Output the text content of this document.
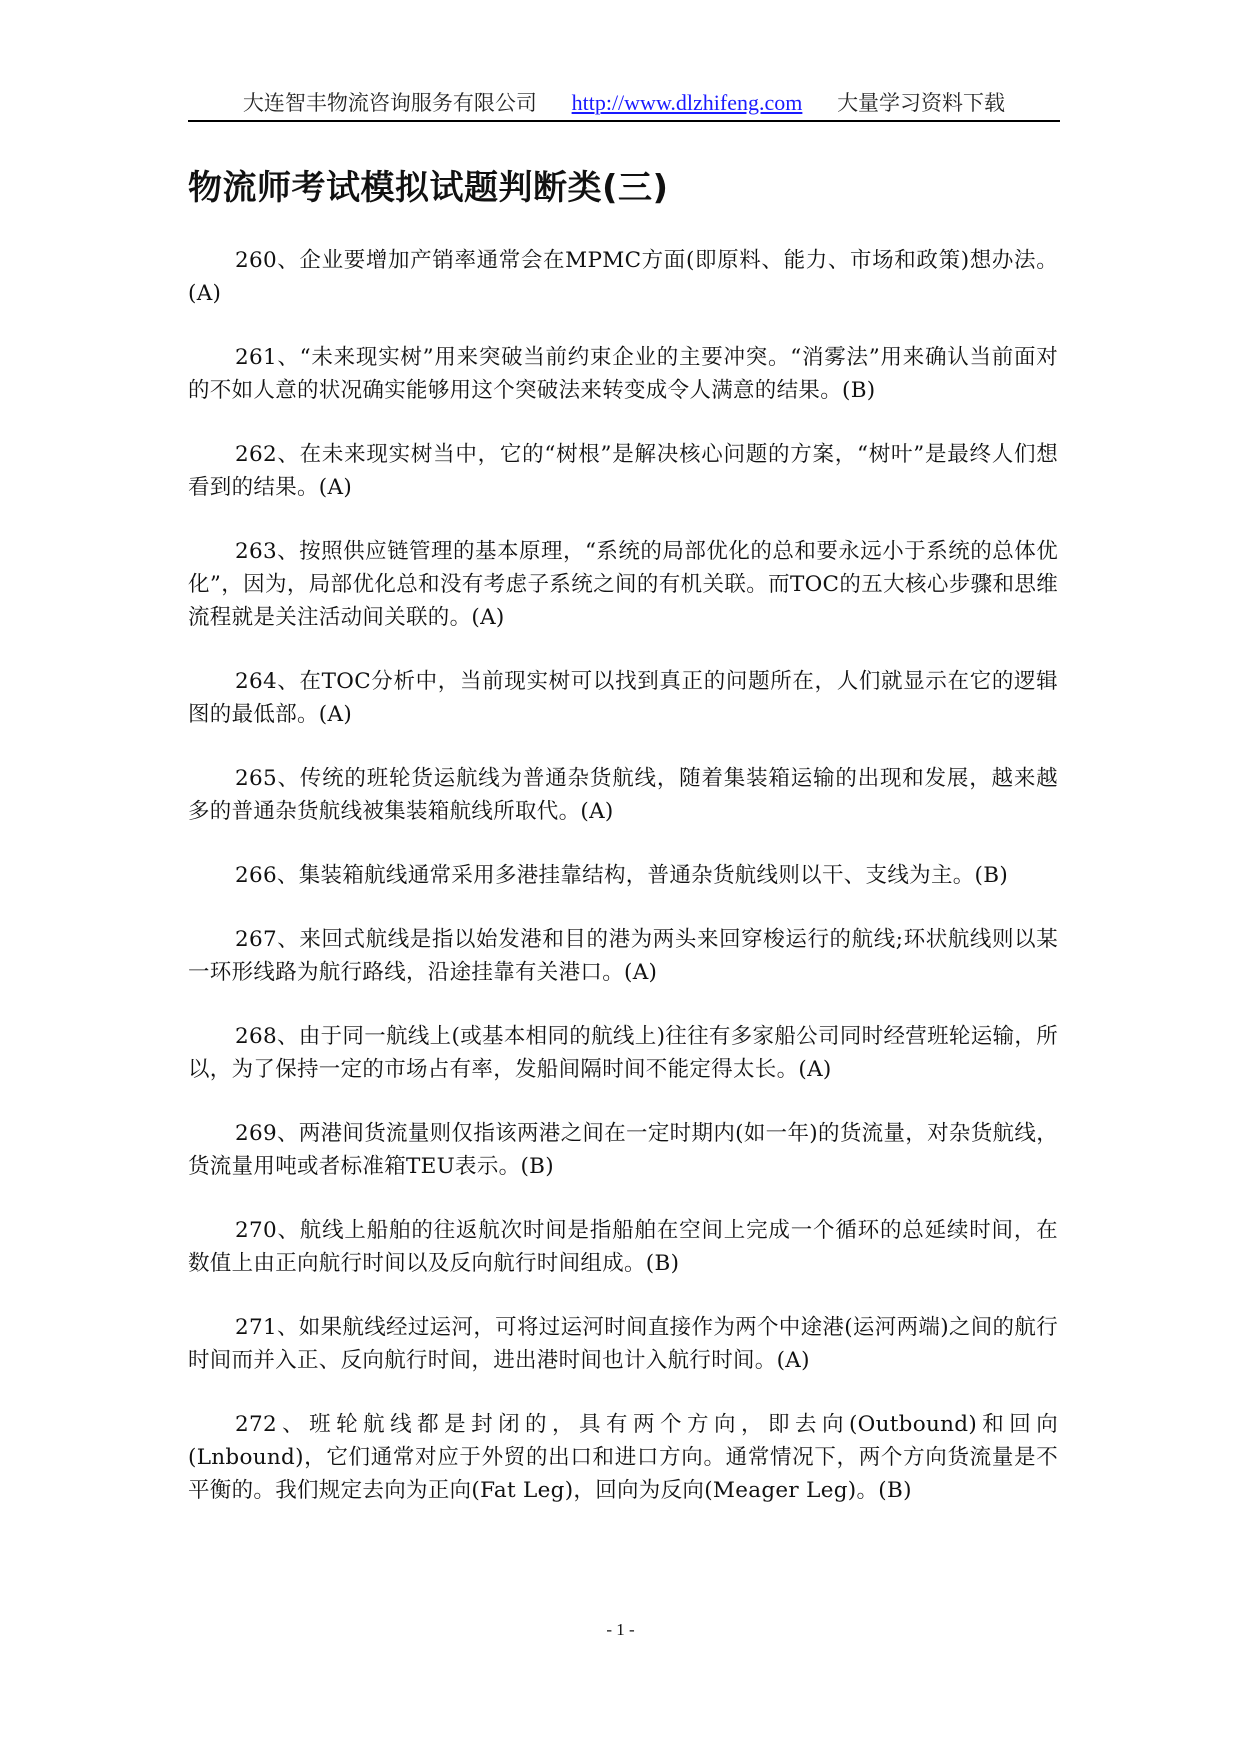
大连智丰物流咨询服务有限公司 http://www.dlzhifeng.com 大量学习资料下载
物流师考试模拟试题判断类(三)

260、企业要增加产销率通常会在MPMC方面(即原料、能力、市场和政策)想办法。(A)

261、“未来现实树”用来突破当前约束企业的主要冲突。“消雾法”用来确认当前面对的不如人意的状况确实能够用这个突破法来转变成令人满意的结果。(B)

262、在未来现实树当中，它的“树根”是解决核心问题的方案，“树叶”是最终人们想看到的结果。(A)

263、按照供应链管理的基本原理，“系统的局部优化的总和要永远小于系统的总体优化”，因为，局部优化总和没有考虑子系统之间的有机关联。而TOC的五大核心步骤和思维流程就是关注活动间关联的。(A)

264、在TOC分析中，当前现实树可以找到真正的问题所在，人们就显示在它的逻辑图的最低部。(A)

265、传统的班轮货运航线为普通杂货航线，随着集装箱运输的出现和发展，越来越多的普通杂货航线被集装箱航线所取代。(A)

266、集装箱航线通常采用多港挂靠结构，普通杂货航线则以干、支线为主。(B)

267、来回式航线是指以始发港和目的港为两头来回穿梭运行的航线;环状航线则以某一环形线路为航行路线，沿途挂靠有关港口。(A)

268、由于同一航线上(或基本相同的航线上)往往有多家船公司同时经营班轮运输，所以，为了保持一定的市场占有率，发船间隔时间不能定得太长。(A)

269、两港间货流量则仅指该两港之间在一定时期内(如一年)的货流量，对杂货航线，货流量用吨或者标准箱TEU表示。(B)

270、航线上船舶的往返航次时间是指船舶在空间上完成一个循环的总延续时间，在数值上由正向航行时间以及反向航行时间组成。(B)

271、如果航线经过运河，可将过运河时间直接作为两个中途港(运河两端)之间的航行时间而并入正、反向航行时间，进出港时间也计入航行时间。(A)

272、班轮航线都是封闭的，具有两个方向，即去向(Outbound)和回向(Lnbound)，它们通常对应于外贸的出口和进口方向。通常情况下，两个方向货流量是不平衡的。我们规定去向为正向(Fat Leg)，回向为反向(Meager Leg)。(B)

- 1 -
